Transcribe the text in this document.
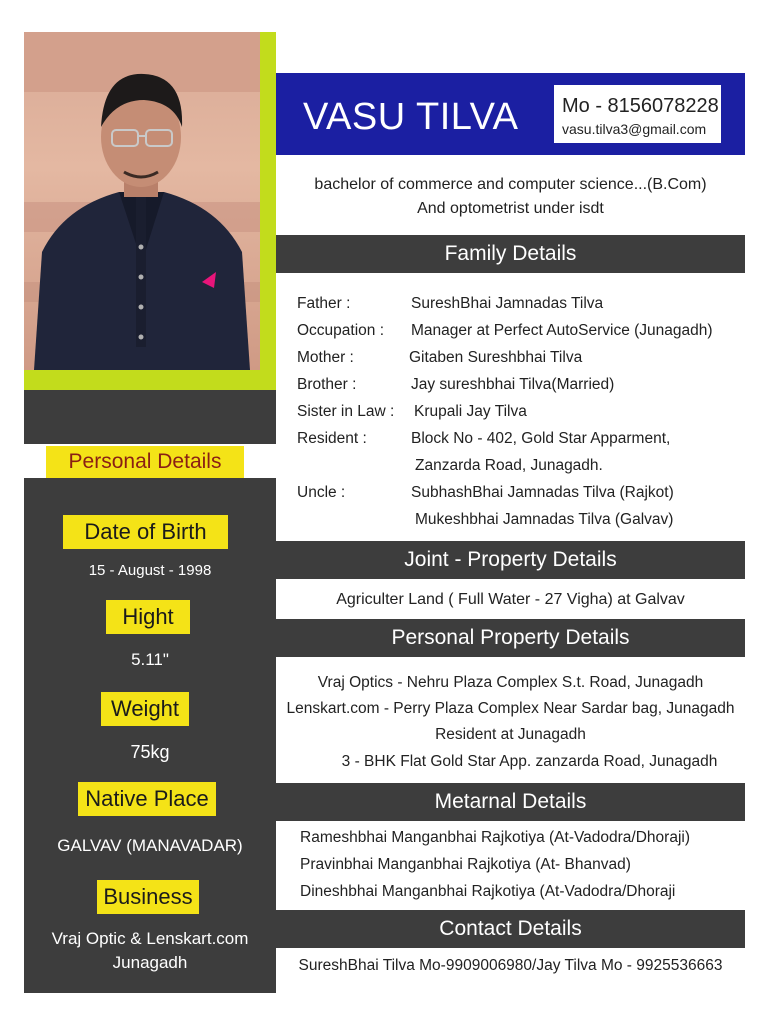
Personal Details
Date of Birth
15 - August - 1998
Hight
5.11"
Weight
75kg
Native Place
GALVAV (MANAVADAR)
Business
Vraj Optic & Lenskart.com
Junagadh
VASU TILVA Mo - 8156078228
vasu.tilva3@gmail.com
bachelor of commerce and computer science...(B.Com)
And optometrist under isdt
Family Details
Father :	SureshBhai Jamnadas Tilva
Occupation : Manager at Perfect AutoService (Junagadh)
Mother :	Gitaben Sureshbhai Tilva
Brother :	Jay sureshbhai Tilva(Married)
Sister in Law : Krupali Jay Tilva
Resident :	Block No - 402, Gold Star Apparment,
Zanzarda Road, Junagadh.
Uncle :	SubhashBhai Jamnadas Tilva (Rajkot)
Mukeshbhai Jamnadas Tilva (Galvav)
Joint - Property Details
Agriculter Land ( Full Water - 27 Vigha) at Galvav
Personal Property Details
Vraj Optics - Nehru Plaza Complex S.t. Road, Junagadh
Lenskart.com - Perry Plaza Complex Near Sardar bag, Junagadh
Resident at Junagadh
3 - BHK Flat Gold Star App. zanzarda Road, Junagadh
Metarnal Details
Rameshbhai Manganbhai Rajkotiya (At-Vadodra/Dhoraji)
Pravinbhai Manganbhai Rajkotiya (At- Bhanvad)
Dineshbhai Manganbhai Rajkotiya (At-Vadodra/Dhoraji
Contact Details
SureshBhai Tilva Mo-9909006980/Jay Tilva Mo - 9925536663
